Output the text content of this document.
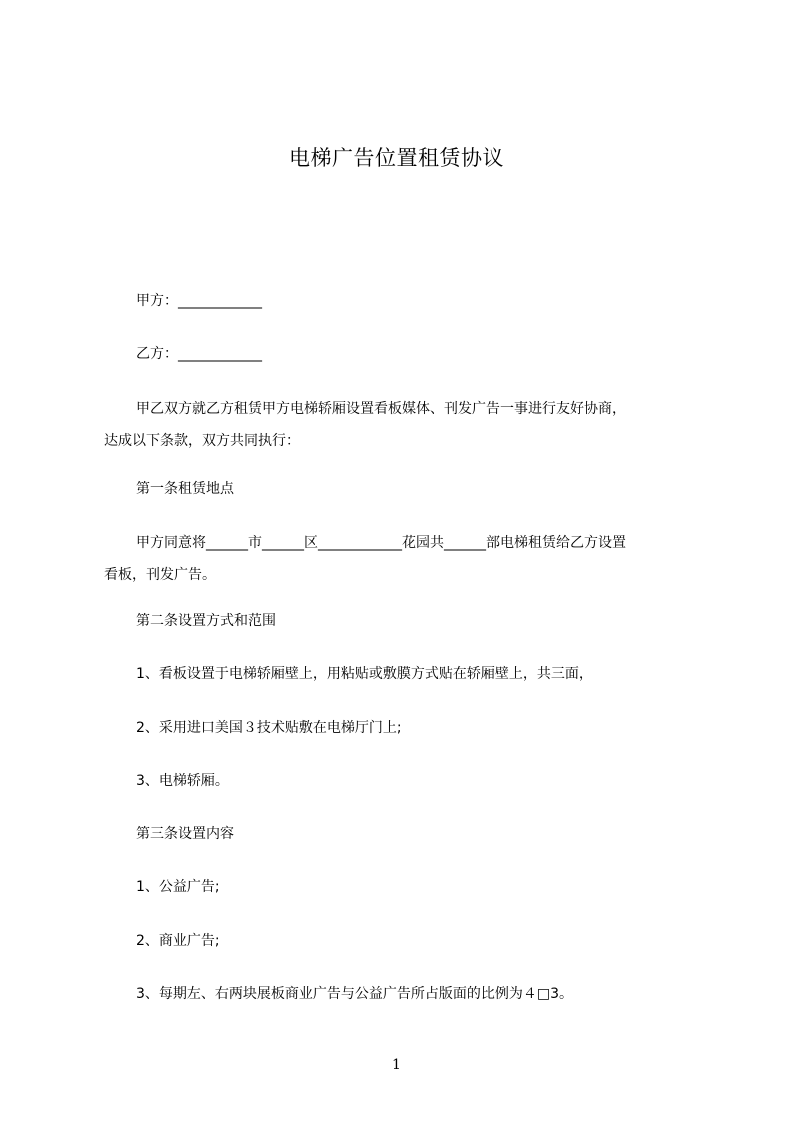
电梯广告位置租赁协议
甲方：____________
乙方：____________
甲乙双方就乙方租赁甲方电梯轿厢设置看板媒体、刊发广告一事进行友好协商，
达成以下条款，双方共同执行：
第一条租赁地点
甲方同意将______市______区____________花园共______部电梯租赁给乙方设置
看板，刊发广告。
第二条设置方式和范围
1、看板设置于电梯轿厢壁上，用粘贴或敷膜方式贴在轿厢壁上，共三面，
2、采用进口美国３技术贴敷在电梯厅门上;
3、电梯轿厢。
第三条设置内容
1、公益广告;
2、商业广告;
3、每期左、右两块展板商业广告与公益广告所占版面的比例为４□3。
1
